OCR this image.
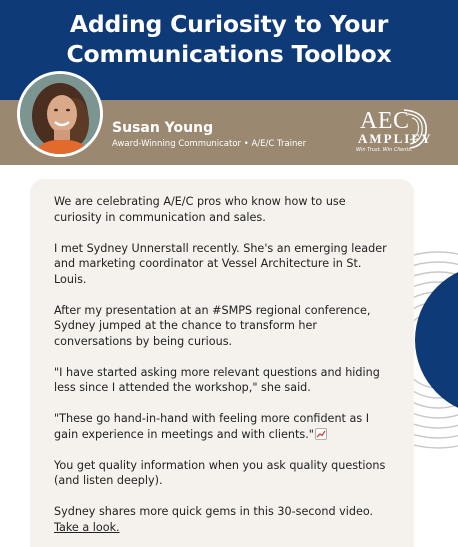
Adding Curiosity to Your
Communications Toolbox
Susan Young
Award-Winning Communicator • A/E/C Trainer
AEC
AMPLIFY
Win Trust. Win Clients.

We are celebrating A/E/C pros who know how to use curiosity in communication and sales.

I met Sydney Unnerstall recently. She's an emerging leader and marketing coordinator at Vessel Architecture in St. Louis.

After my presentation at an #SMPS regional conference, Sydney jumped at the chance to transform her conversations by being curious.

"I have started asking more relevant questions and hiding less since I attended the workshop," she said.

"These go hand-in-hand with feeling more confident as I gain experience in meetings and with clients."

You get quality information when you ask quality questions (and listen deeply).

Sydney shares more quick gems in this 30-second video.

Take a look.
